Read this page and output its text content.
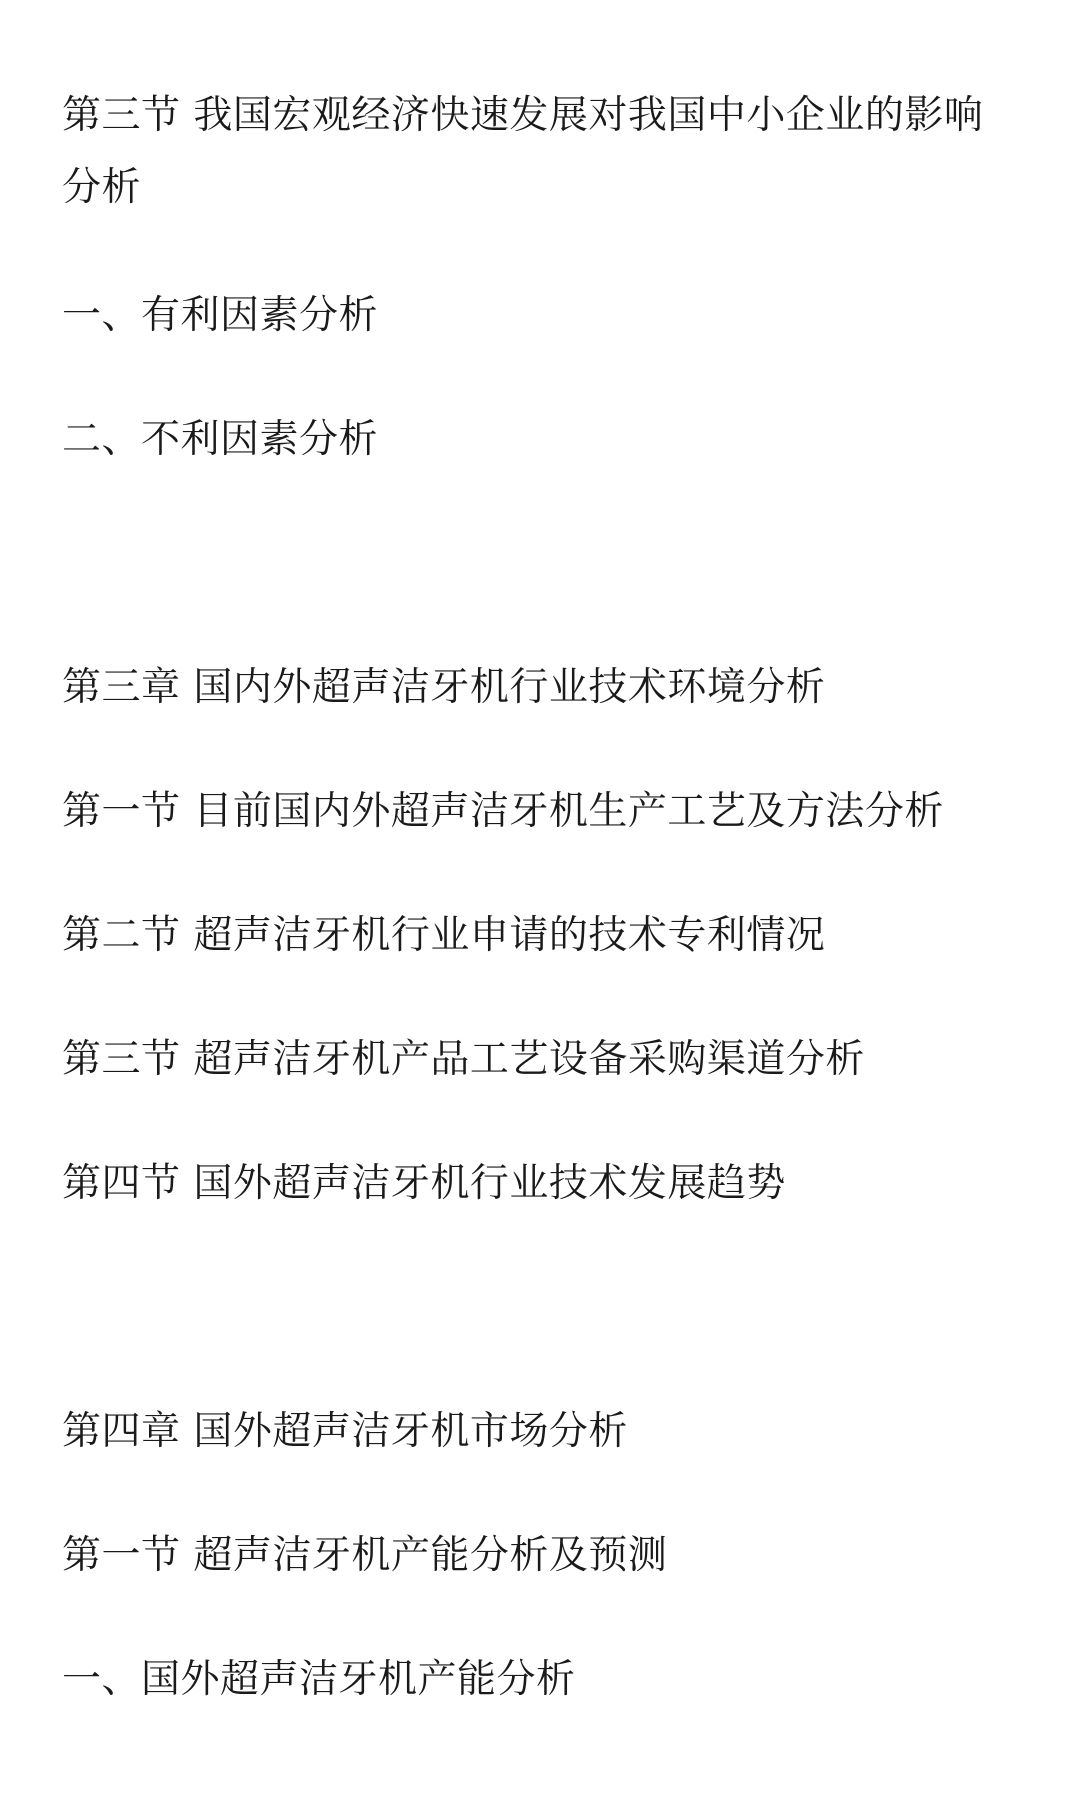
第三节 我国宏观经济快速发展对我国中小企业的影响分析
一、有利因素分析
二、不利因素分析
第三章 国内外超声洁牙机行业技术环境分析
第一节 目前国内外超声洁牙机生产工艺及方法分析
第二节 超声洁牙机行业申请的技术专利情况
第三节 超声洁牙机产品工艺设备采购渠道分析
第四节 国外超声洁牙机行业技术发展趋势
第四章 国外超声洁牙机市场分析
第一节 超声洁牙机产能分析及预测
一、国外超声洁牙机产能分析
